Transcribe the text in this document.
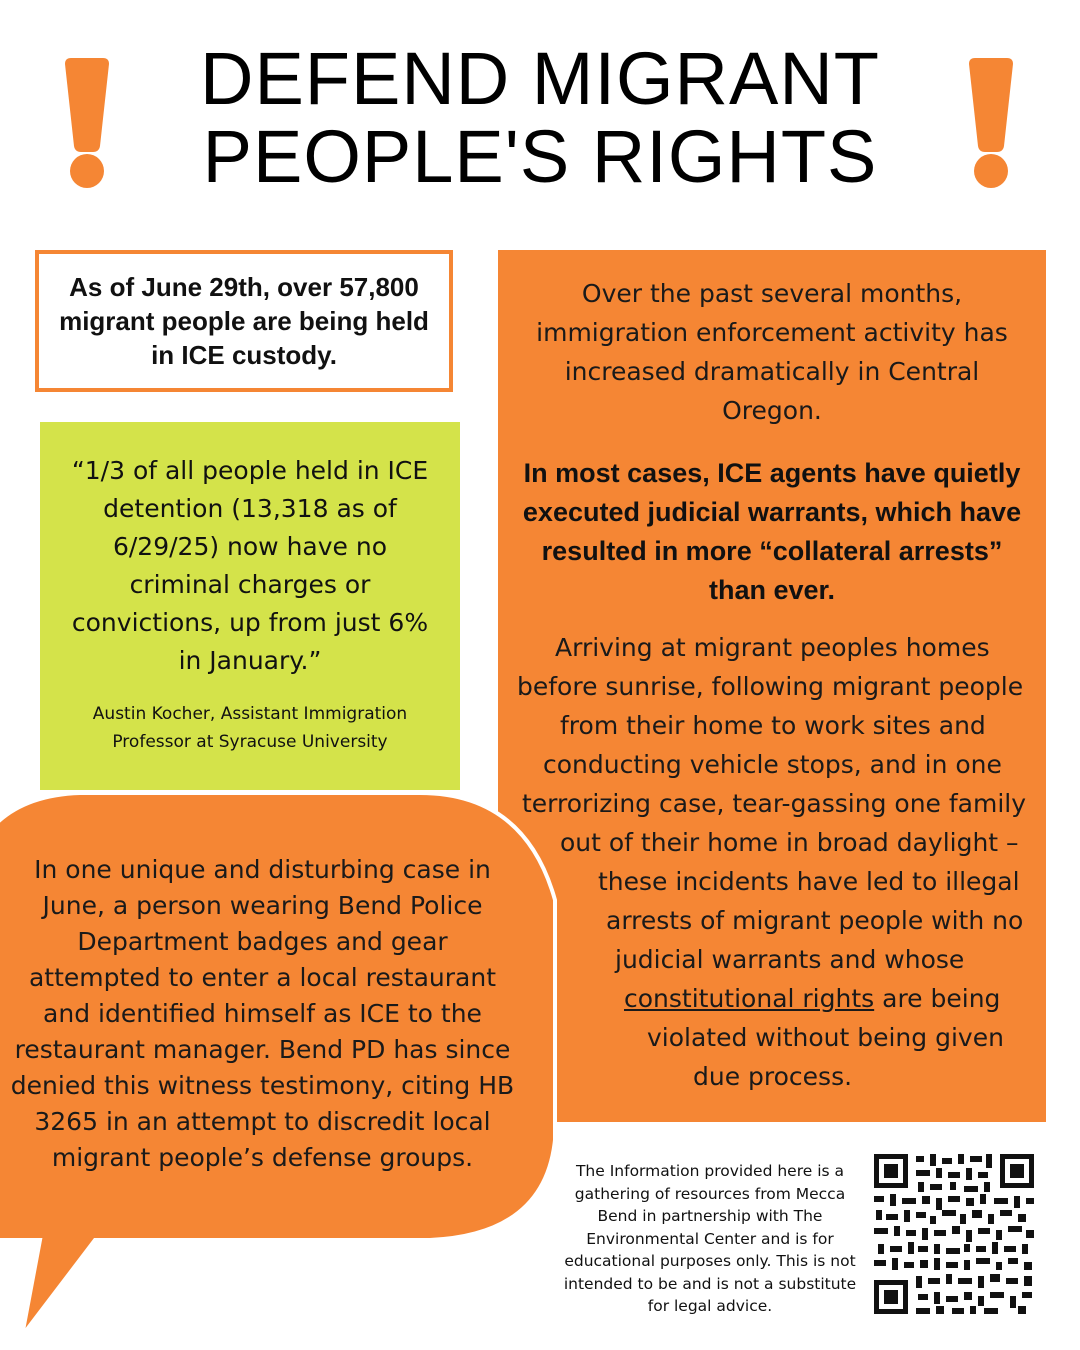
DEFEND MIGRANT
PEOPLE'S RIGHTS
As of June 29th, over 57,800 migrant people are being held in ICE custody.
“1/3 of all people held in ICE detention (13,318 as of 6/29/25) now have no criminal charges or convictions, up from just 6% in January.”
Austin Kocher, Assistant Immigration Professor at Syracuse University
Over the past several months, immigration enforcement activity has increased dramatically in Central Oregon.
In most cases, ICE agents have quietly executed judicial warrants, which have resulted in more “collateral arrests” than ever.
Arriving at migrant peoples homes
before sunrise, following migrant people
from their home to work sites and
conducting vehicle stops, and in one
terrorizing case, tear-gassing one family
out of their home in broad daylight –
these incidents have led to illegal
arrests of migrant people with no
judicial warrants and whose
constitutional rights are being
violated without being given
due process.
In one unique and disturbing case in June, a person wearing Bend Police Department badges and gear attempted to enter a local restaurant and identified himself as ICE to the restaurant manager. Bend PD has since denied this witness testimony, citing HB 3265 in an attempt to discredit local migrant people’s defense groups.	The Information provided here is a gathering of resources from Mecca Bend in partnership with The Environmental Center and is for educational purposes only. This is not intended to be and is not a substitute for legal advice.
